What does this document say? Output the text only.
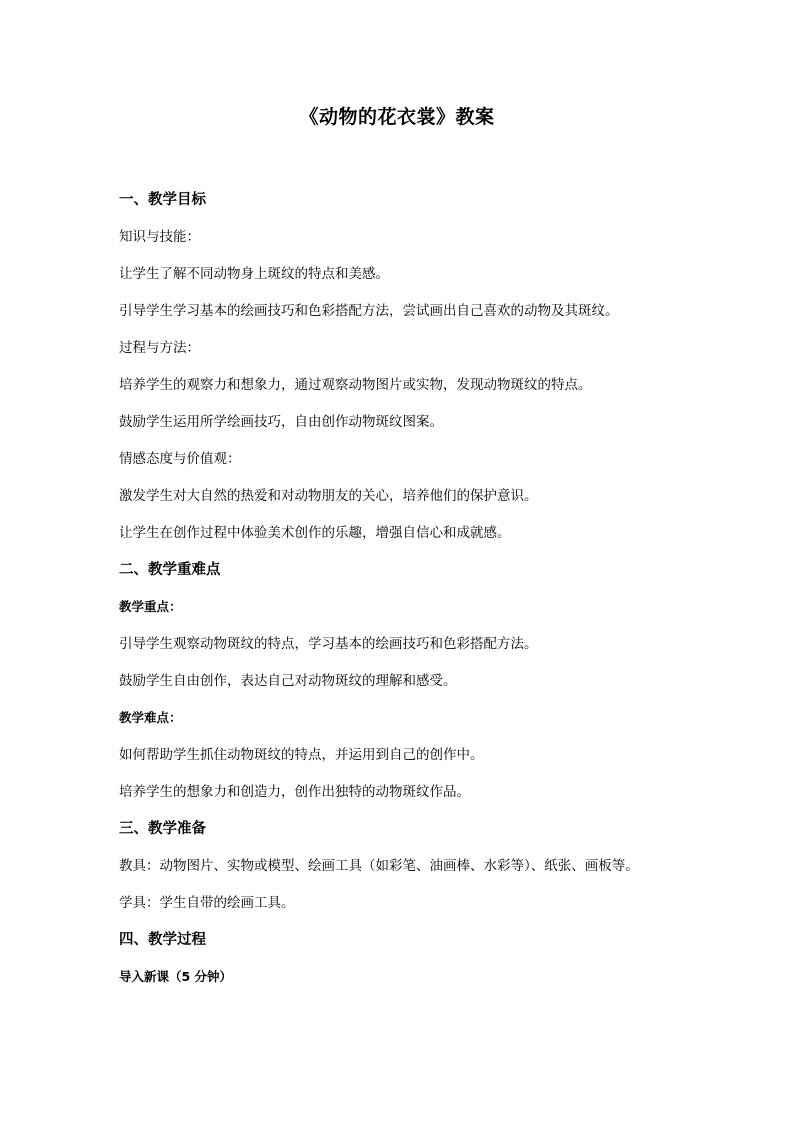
《动物的花衣裳》教案
一、教学目标
知识与技能：
让学生了解不同动物身上斑纹的特点和美感。
引导学生学习基本的绘画技巧和色彩搭配方法，尝试画出自己喜欢的动物及其斑纹。
过程与方法：
培养学生的观察力和想象力，通过观察动物图片或实物，发现动物斑纹的特点。
鼓励学生运用所学绘画技巧，自由创作动物斑纹图案。
情感态度与价值观：
激发学生对大自然的热爱和对动物朋友的关心，培养他们的保护意识。
让学生在创作过程中体验美术创作的乐趣，增强自信心和成就感。
二、教学重难点
教学重点：
引导学生观察动物斑纹的特点，学习基本的绘画技巧和色彩搭配方法。
鼓励学生自由创作，表达自己对动物斑纹的理解和感受。
教学难点：
如何帮助学生抓住动物斑纹的特点，并运用到自己的创作中。
培养学生的想象力和创造力，创作出独特的动物斑纹作品。
三、教学准备
教具：动物图片、实物或模型、绘画工具（如彩笔、油画棒、水彩等）、纸张、画板等。
学具：学生自带的绘画工具。
四、教学过程
导入新课（5 分钟）
